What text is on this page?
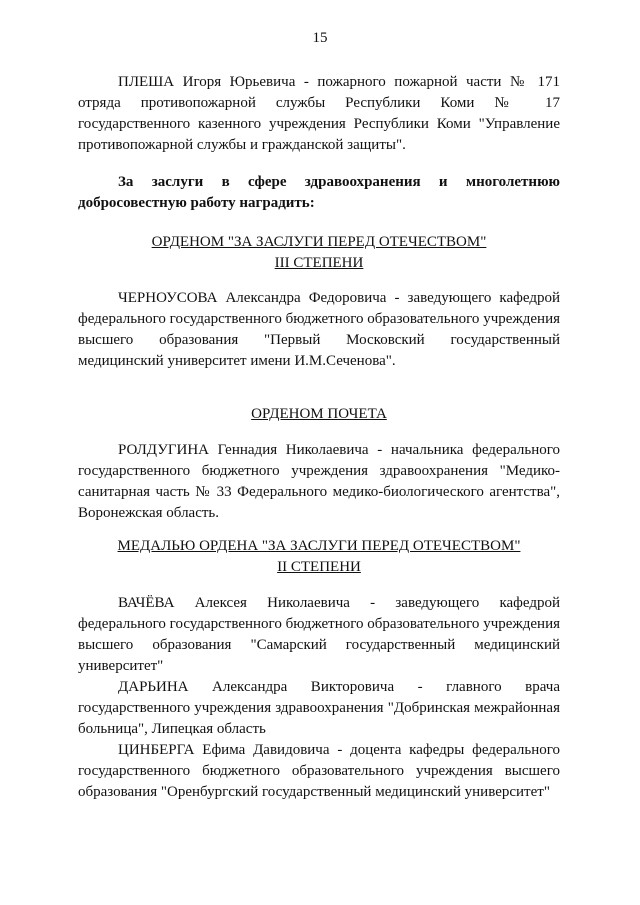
15

ПЛЕША Игоря Юрьевича - пожарного пожарной части № 171 отряда противопожарной службы Республики Коми № 17 государственного казенного учреждения Республики Коми "Управление противопожарной службы и гражданской защиты".

За заслуги в сфере здравоохранения и многолетнюю добросовестную работу наградить:

ОРДЕНОМ "ЗА ЗАСЛУГИ ПЕРЕД ОТЕЧЕСТВОМ"
III СТЕПЕНИ

ЧЕРНОУСОВА Александра Федоровича - заведующего кафедрой федерального государственного бюджетного образовательного учреждения высшего образования "Первый Московский государственный медицинский университет имени И.М.Сеченова".

ОРДЕНОМ ПОЧЕТА

РОЛДУГИНА Геннадия Николаевича - начальника федерального государственного бюджетного учреждения здравоохранения "Медико-санитарная часть № 33 Федерального медико-биологического агентства", Воронежская область.

МЕДАЛЬЮ ОРДЕНА "ЗА ЗАСЛУГИ ПЕРЕД ОТЕЧЕСТВОМ"
II СТЕПЕНИ

ВАЧЁВА Алексея Николаевича - заведующего кафедрой федерального государственного бюджетного образовательного учреждения высшего образования "Самарский государственный медицинский университет"

ДАРЬИНА Александра Викторовича - главного врача государственного учреждения здравоохранения "Добринская межрайонная больница", Липецкая область

ЦИНБЕРГА Ефима Давидовича - доцента кафедры федерального государственного бюджетного образовательного учреждения высшего образования "Оренбургский государственный медицинский университет"
